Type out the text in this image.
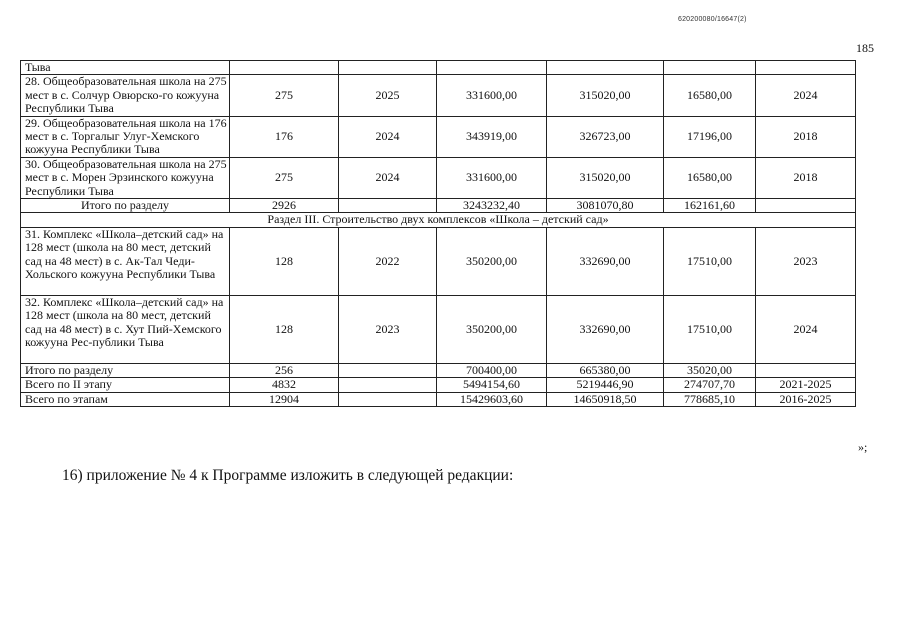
620200080/16647(2)
185
Тыва						
28. Общеобразовательная школа на 275 мест в с. Солчур Овюрско-го кожууна Республики Тыва	275	2025	331600,00	315020,00	16580,00	2024
29. Общеобразовательная школа на 176 мест в с. Торгалыг Улуг-Хемского кожууна Республики Тыва	176	2024	343919,00	326723,00	17196,00	2018
30. Общеобразовательная школа на 275 мест в с. Морен Эрзинского кожууна Республики Тыва	275	2024	331600,00	315020,00	16580,00	2018
Итого по разделу	2926		3243232,40	3081070,80	162161,60	
Раздел III. Строительство двух комплексов «Школа – детский сад»						
31. Комплекс «Школа–детский сад» на 128 мест (школа на 80 мест, детский сад на 48 мест) в с. Ак-Тал Чеди-Хольского кожууна Республики Тыва	128	2022	350200,00	332690,00	17510,00	2023
32. Комплекс «Школа–детский сад» на 128 мест (школа на 80 мест, детский сад на 48 мест) в с. Хут Пий-Хемского кожууна Рес-публики Тыва	128	2023	350200,00	332690,00	17510,00	2024
Итого по разделу	256		700400,00	665380,00	35020,00	
Всего по II этапу	4832		5494154,60	5219446,90	274707,70	2021-2025
Всего по этапам	12904		15429603,60	14650918,50	778685,10	2016-2025
»;
16) приложение № 4 к Программе изложить в следующей редакции:
